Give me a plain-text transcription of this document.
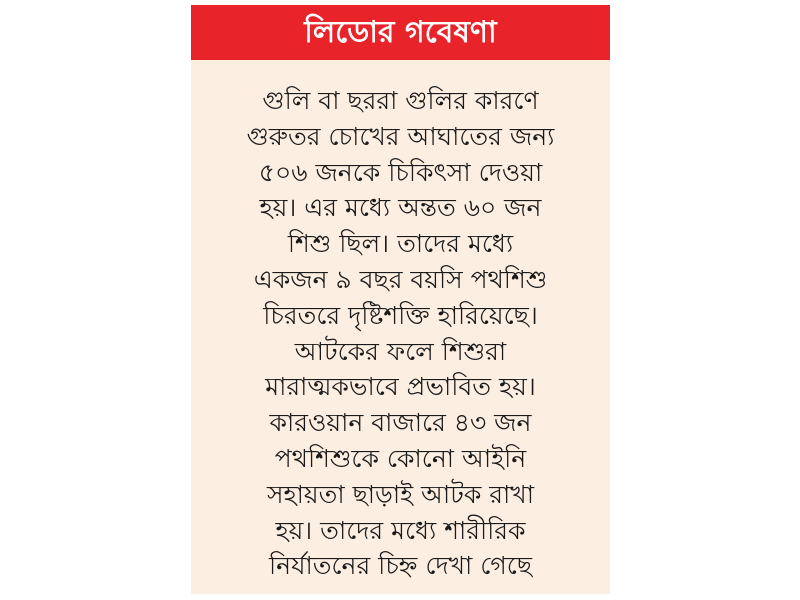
লিডোর গবেষণা
গুলি বা ছররা গুলির কারণে
গুরুতর চোখের আঘাতের জন্য
৫০৬ জনকে চিকিৎসা দেওয়া
হয়। এর মধ্যে অন্তত ৬০ জন
শিশু ছিল। তাদের মধ্যে
একজন ৯ বছর বয়সি পথশিশু
চিরতরে দৃষ্টিশক্তি হারিয়েছে।
আটকের ফলে শিশুরা
মারাত্মকভাবে প্রভাবিত হয়।
কারওয়ান বাজারে ৪৩ জন
পথশিশুকে কোনো আইনি
সহায়তা ছাড়াই আটক রাখা
হয়। তাদের মধ্যে শারীরিক
নির্যাতনের চিহ্ন দেখা গেছে
